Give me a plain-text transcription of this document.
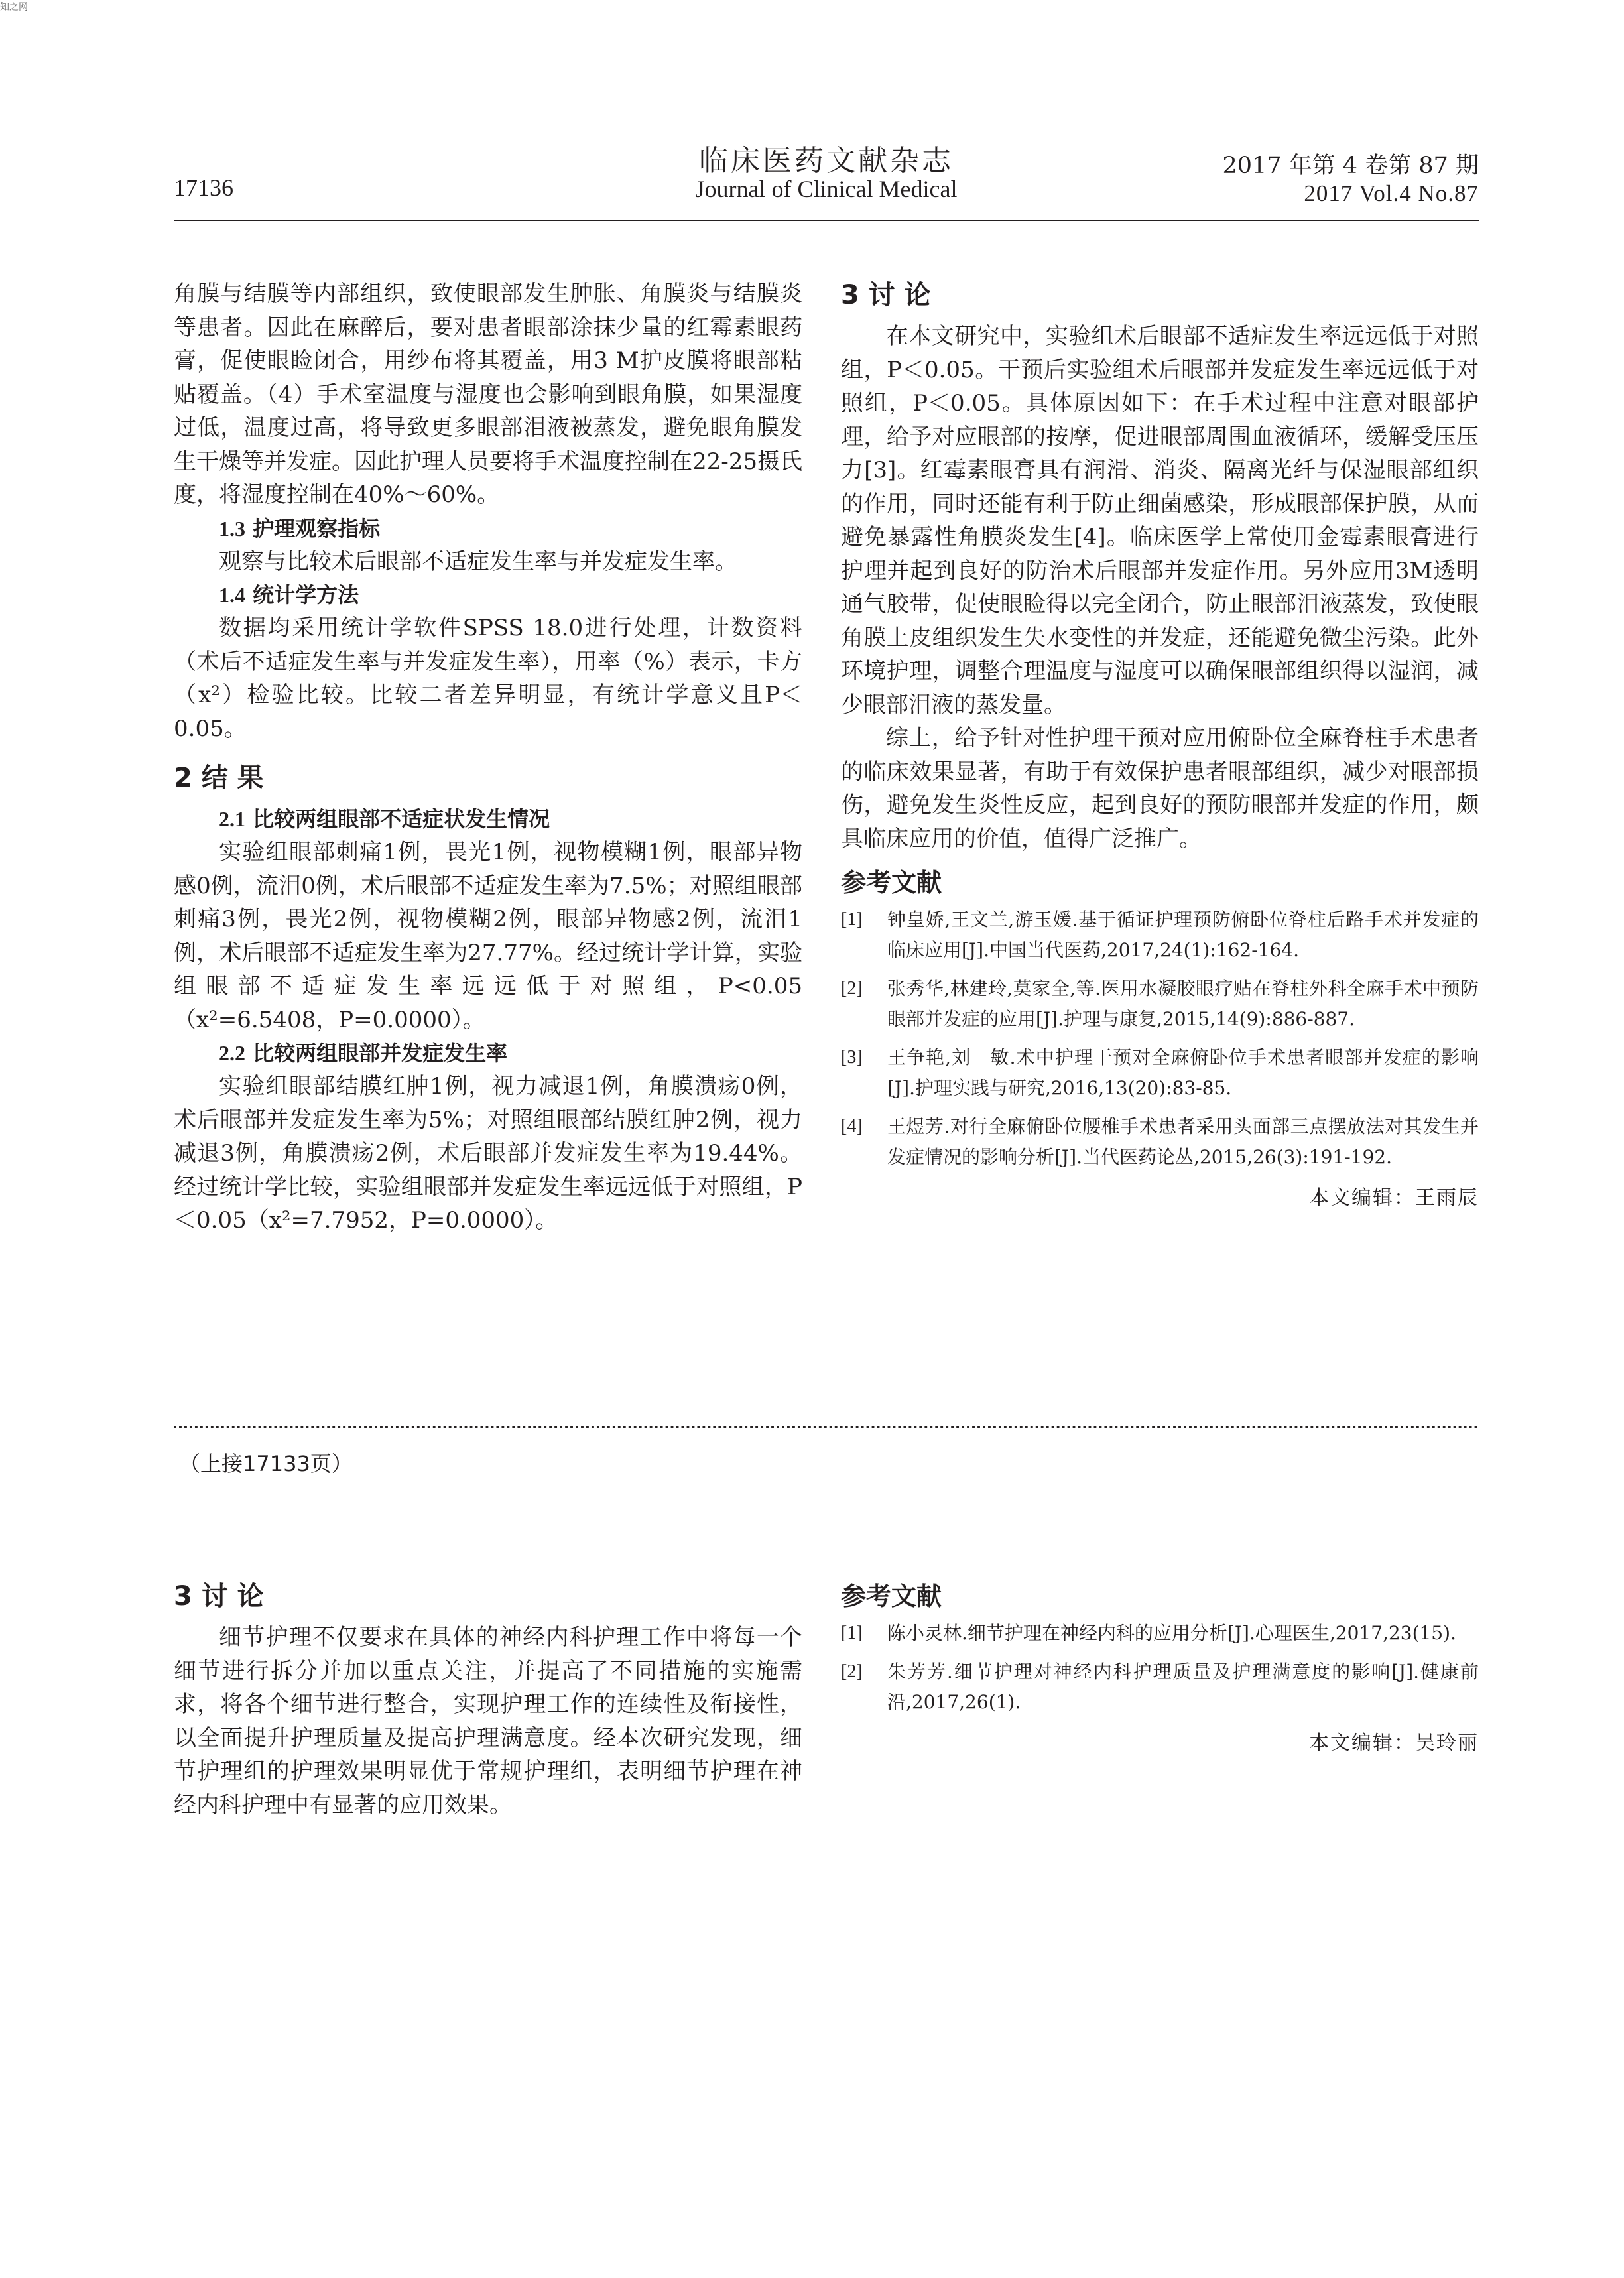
知之网
17136
临床医药文献杂志
Journal of Clinical Medical
2017 年第 4 卷第 87 期
2017 Vol.4 No.87

角膜与结膜等内部组织，致使眼部发生肿胀、角膜炎与结膜炎等患者。因此在麻醉后，要对患者眼部涂抹少量的红霉素眼药膏，促使眼睑闭合，用纱布将其覆盖，用3 M护皮膜将眼部粘贴覆盖。（4）手术室温度与湿度也会影响到眼角膜，如果湿度过低，温度过高，将导致更多眼部泪液被蒸发，避免眼角膜发生干燥等并发症。因此护理人员要将手术温度控制在22-25摄氏度，将湿度控制在40%～60%。

1.3 护理观察指标

观察与比较术后眼部不适症发生率与并发症发生率。

1.4 统计学方法

数据均采用统计学软件SPSS 18.0进行处理，计数资料（术后不适症发生率与并发症发生率），用率（%）表示，卡方（x²）检验比较。比较二者差异明显，有统计学意义且P＜0.05。

2 结 果
2.1 比较两组眼部不适症状发生情况

实验组眼部刺痛1例，畏光1例，视物模糊1例，眼部异物感0例，流泪0例，术后眼部不适症发生率为7.5%；对照组眼部刺痛3例，畏光2例，视物模糊2例，眼部异物感2例，流泪1例，术后眼部不适症发生率为27.77%。经过统计学计算，实验组眼部不适症发生率远远低于对照组，P<0.05（x²=6.5408，P=0.0000）。

2.2 比较两组眼部并发症发生率

实验组眼部结膜红肿1例，视力减退1例，角膜溃疡0例，术后眼部并发症发生率为5%；对照组眼部结膜红肿2例，视力减退3例，角膜溃疡2例，术后眼部并发症发生率为19.44%。经过统计学比较，实验组眼部并发症发生率远远低于对照组，P＜0.05（x²=7.7952，P=0.0000）。

3 讨 论

在本文研究中，实验组术后眼部不适症发生率远远低于对照组，P＜0.05。干预后实验组术后眼部并发症发生率远远低于对照组，P＜0.05。具体原因如下：在手术过程中注意对眼部护理，给予对应眼部的按摩，促进眼部周围血液循环，缓解受压压力[3]。红霉素眼膏具有润滑、消炎、隔离光纤与保湿眼部组织的作用，同时还能有利于防止细菌感染，形成眼部保护膜，从而避免暴露性角膜炎发生[4]。临床医学上常使用金霉素眼膏进行护理并起到良好的防治术后眼部并发症作用。另外应用3M透明通气胶带，促使眼睑得以完全闭合，防止眼部泪液蒸发，致使眼角膜上皮组织发生失水变性的并发症，还能避免微尘污染。此外环境护理，调整合理温度与湿度可以确保眼部组织得以湿润，减少眼部泪液的蒸发量。

综上，给予针对性护理干预对应用俯卧位全麻脊柱手术患者的临床效果显著，有助于有效保护患者眼部组织，减少对眼部损伤，避免发生炎性反应，起到良好的预防眼部并发症的作用，颇具临床应用的价值，值得广泛推广。

参考文献
[1]	钟皇娇,王文兰,游玉媛.基于循证护理预防俯卧位脊柱后路手术并发症的临床应用[J].中国当代医药,2017,24(1):162-164.
[2]	张秀华,林建玲,莫家全,等.医用水凝胶眼疗贴在脊柱外科全麻手术中预防眼部并发症的应用[J].护理与康复,2015,14(9):886-887.
[3]	王争艳,刘　敏.术中护理干预对全麻俯卧位手术患者眼部并发症的影响[J].护理实践与研究,2016,13(20):83-85.
[4]	王煜芳.对行全麻俯卧位腰椎手术患者采用头面部三点摆放法对其发生并发症情况的影响分析[J].当代医药论丛,2015,26(3):191-192.
本文编辑：王雨辰
（上接17133页）
3 讨 论

细节护理不仅要求在具体的神经内科护理工作中将每一个细节进行拆分并加以重点关注，并提高了不同措施的实施需求，将各个细节进行整合，实现护理工作的连续性及衔接性，以全面提升护理质量及提高护理满意度。经本次研究发现，细节护理组的护理效果明显优于常规护理组，表明细节护理在神经内科护理中有显著的应用效果。

参考文献
[1]	陈小灵林.细节护理在神经内科的应用分析[J].心理医生,2017,23(15).
[2]	朱芳芳.细节护理对神经内科护理质量及护理满意度的影响[J].健康前沿,2017,26(1).
本文编辑：吴玲丽
